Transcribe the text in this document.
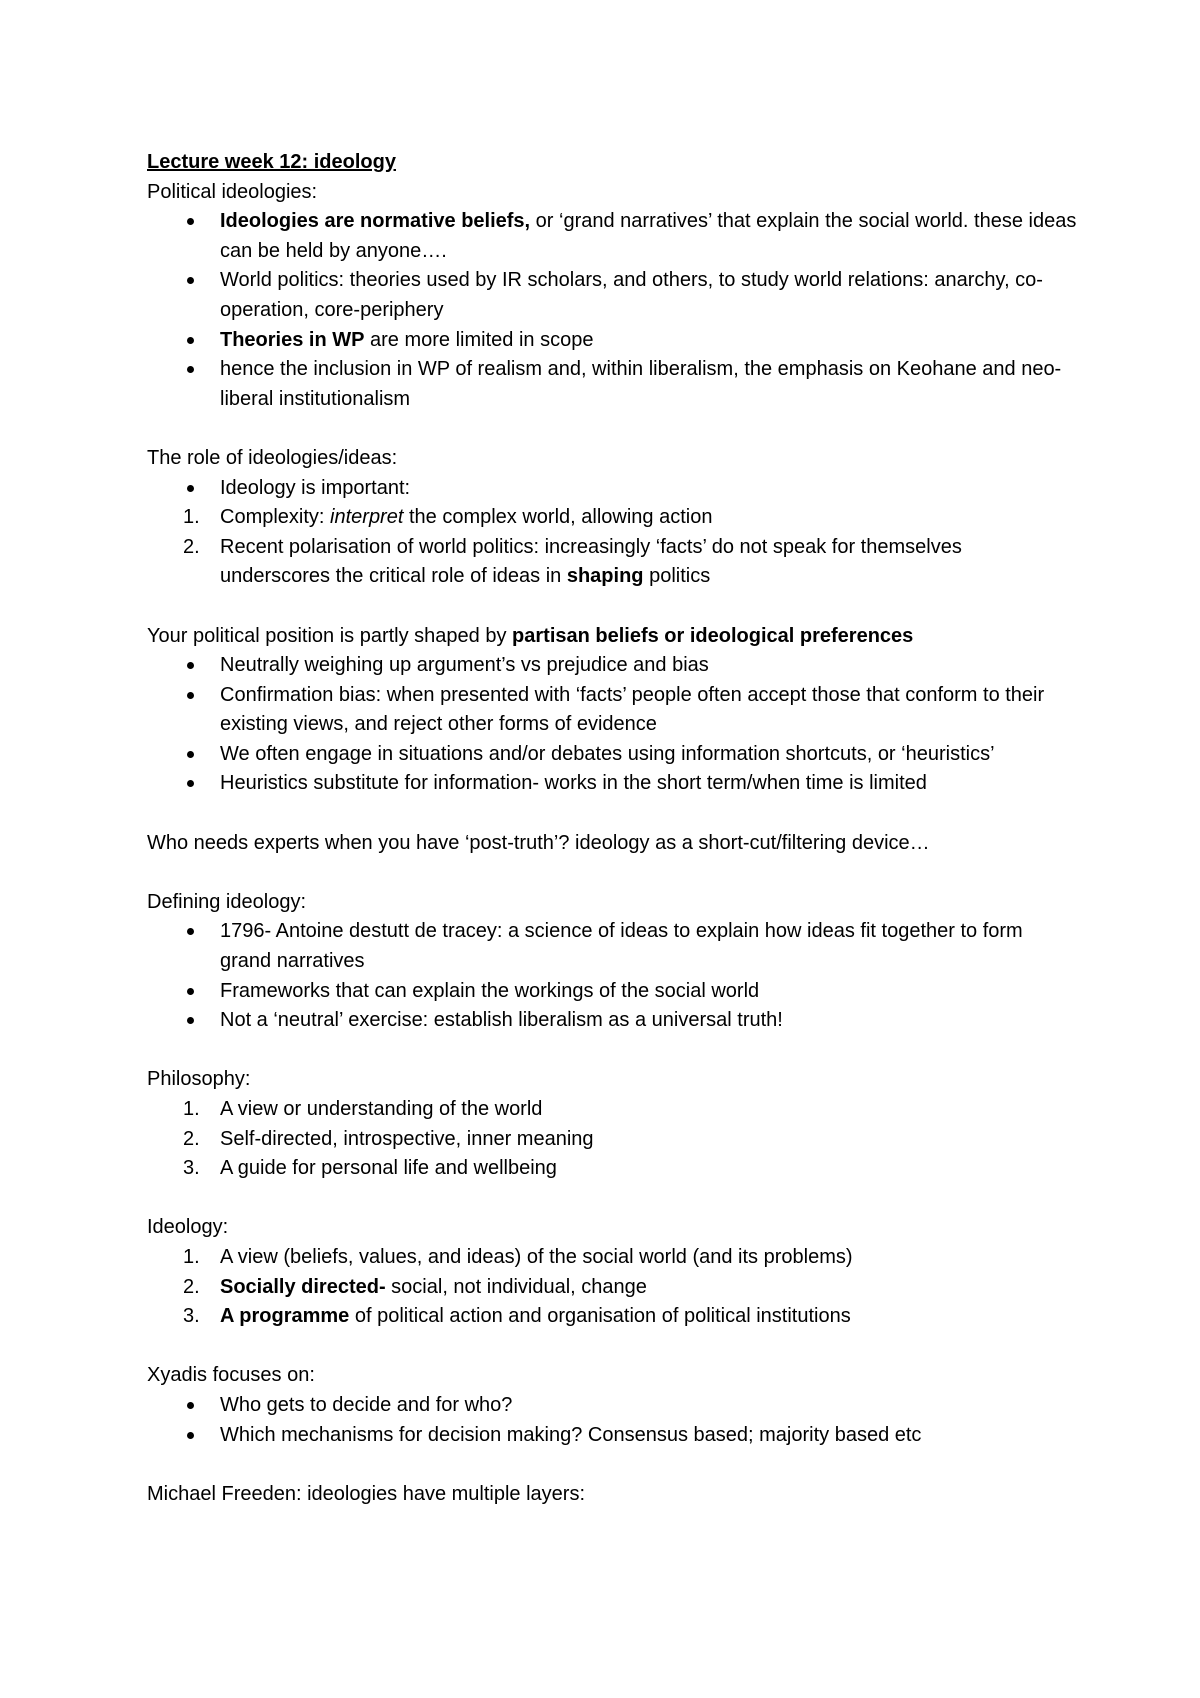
Lecture week 12: ideology

Political ideologies:

Ideologies are normative beliefs, or ‘grand narratives’ that explain the social world. these ideas can be held by anyone….
World politics: theories used by IR scholars, and others, to study world relations: anarchy, co-operation, core-periphery
Theories in WP are more limited in scope
hence the inclusion in WP of realism and, within liberalism, the emphasis on Keohane and neo-liberal institutionalism

The role of ideologies/ideas:

Ideology is important:
1. Complexity: interpret the complex world, allowing action
2. Recent polarisation of world politics: increasingly ‘facts’ do not speak for themselves underscores the critical role of ideas in shaping politics

Your political position is partly shaped by partisan beliefs or ideological preferences

Neutrally weighing up argument’s vs prejudice and bias
Confirmation bias: when presented with ‘facts’ people often accept those that conform to their existing views, and reject other forms of evidence
We often engage in situations and/or debates using information shortcuts, or ‘heuristics’
Heuristics substitute for information- works in the short term/when time is limited

Who needs experts when you have ‘post-truth’? ideology as a short-cut/filtering device…

Defining ideology:

1796- Antoine destutt de tracey: a science of ideas to explain how ideas fit together to form grand narratives
Frameworks that can explain the workings of the social world
Not a ‘neutral’ exercise: establish liberalism as a universal truth!

Philosophy:

1. A view or understanding of the world
2. Self-directed, introspective, inner meaning
3. A guide for personal life and wellbeing

Ideology:

1. A view (beliefs, values, and ideas) of the social world (and its problems)
2. Socially directed- social, not individual, change
3. A programme of political action and organisation of political institutions

Xyadis focuses on:

Who gets to decide and for who?
Which mechanisms for decision making? Consensus based; majority based etc

Michael Freeden: ideologies have multiple layers:
